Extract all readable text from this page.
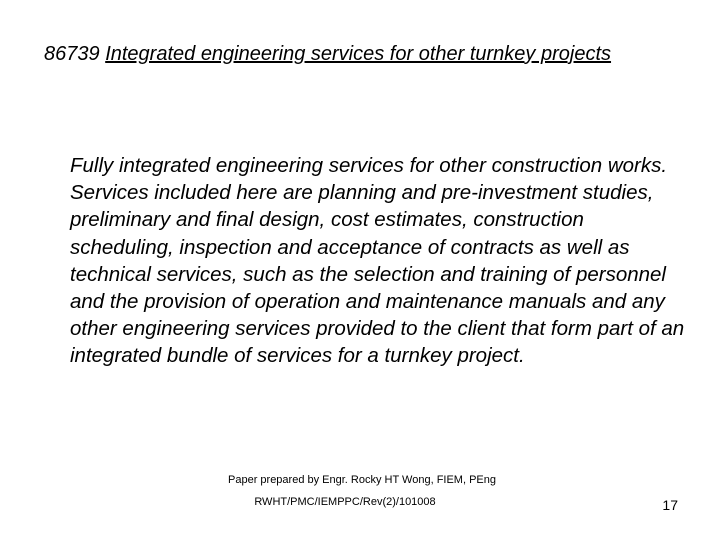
86739 Integrated engineering services for other turnkey projects

Fully integrated engineering services for other construction works. Services included here are planning and pre-investment studies, preliminary and final design, cost estimates, construction scheduling, inspection and acceptance of contracts as well as technical services, such as the selection and training of personnel and the provision of operation and maintenance manuals and any other engineering services provided to the client that form part of an integrated bundle of services for a turnkey project.

Paper prepared by Engr. Rocky HT Wong, FIEM, PEng
RWHT/PMC/IEMPPC/Rev(2)/101008	17
